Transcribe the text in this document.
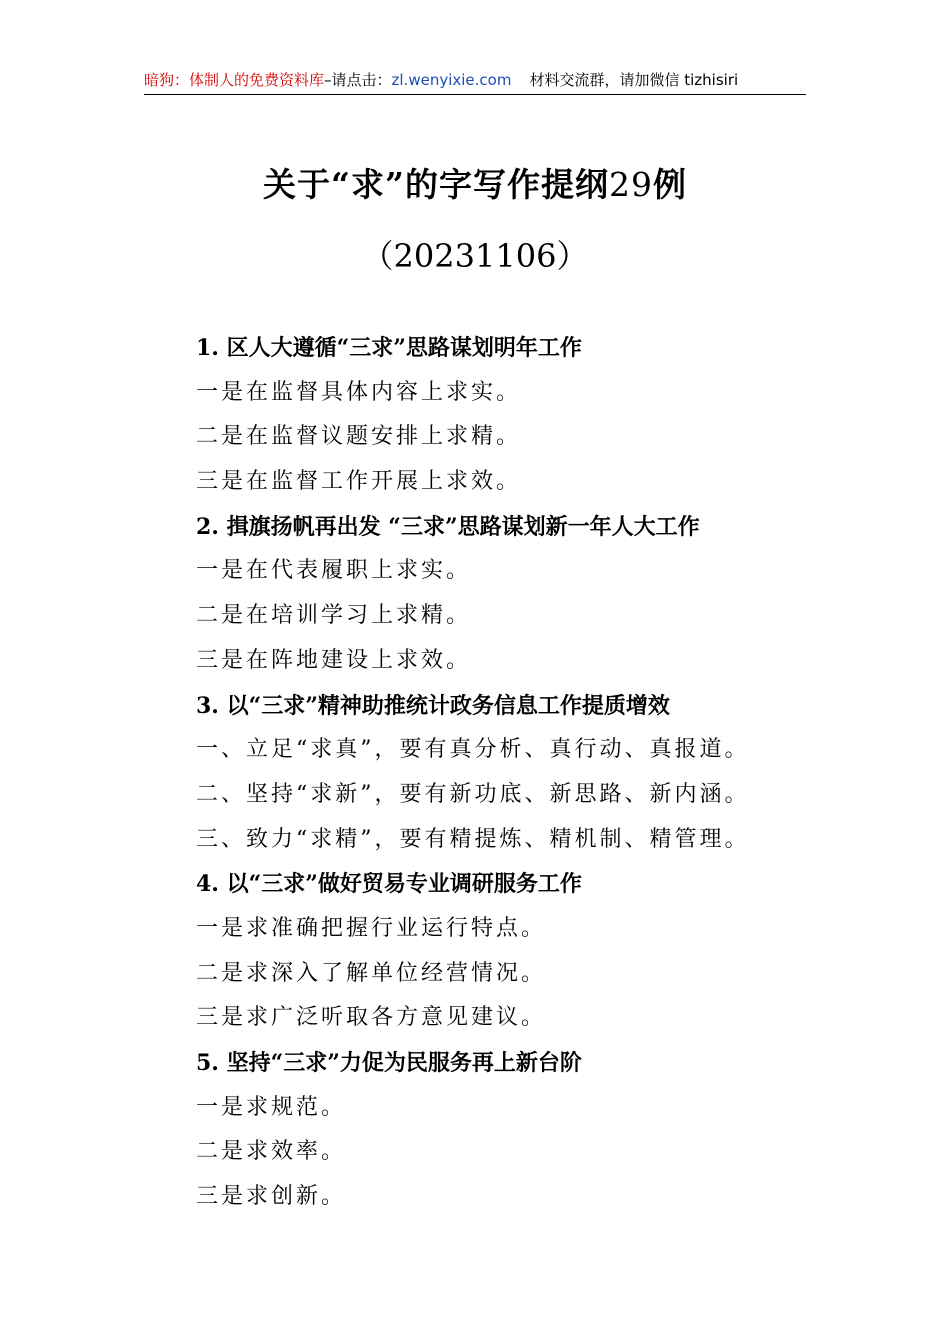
暗狗：体制人的免费资料库–请点击：zl.wenyixie.com 材料交流群，请加微信 tizhisiri
关于“求”的字写作提纲29例
（20231106）
1. 区人大遵循“三求”思路谋划明年工作
一是在监督具体内容上求实。
二是在监督议题安排上求精。
三是在监督工作开展上求效。
2. 揖旗扬帆再出发 “三求”思路谋划新一年人大工作
一是在代表履职上求实。
二是在培训学习上求精。
三是在阵地建设上求效。
3. 以“三求”精神助推统计政务信息工作提质增效
一、立足“求真”，要有真分析、真行动、真报道。
二、坚持“求新”，要有新功底、新思路、新内涵。
三、致力“求精”，要有精提炼、精机制、精管理。
4. 以“三求”做好贸易专业调研服务工作
一是求准确把握行业运行特点。
二是求深入了解单位经营情况。
三是求广泛听取各方意见建议。
5. 坚持“三求”力促为民服务再上新台阶
一是求规范。
二是求效率。
三是求创新。
